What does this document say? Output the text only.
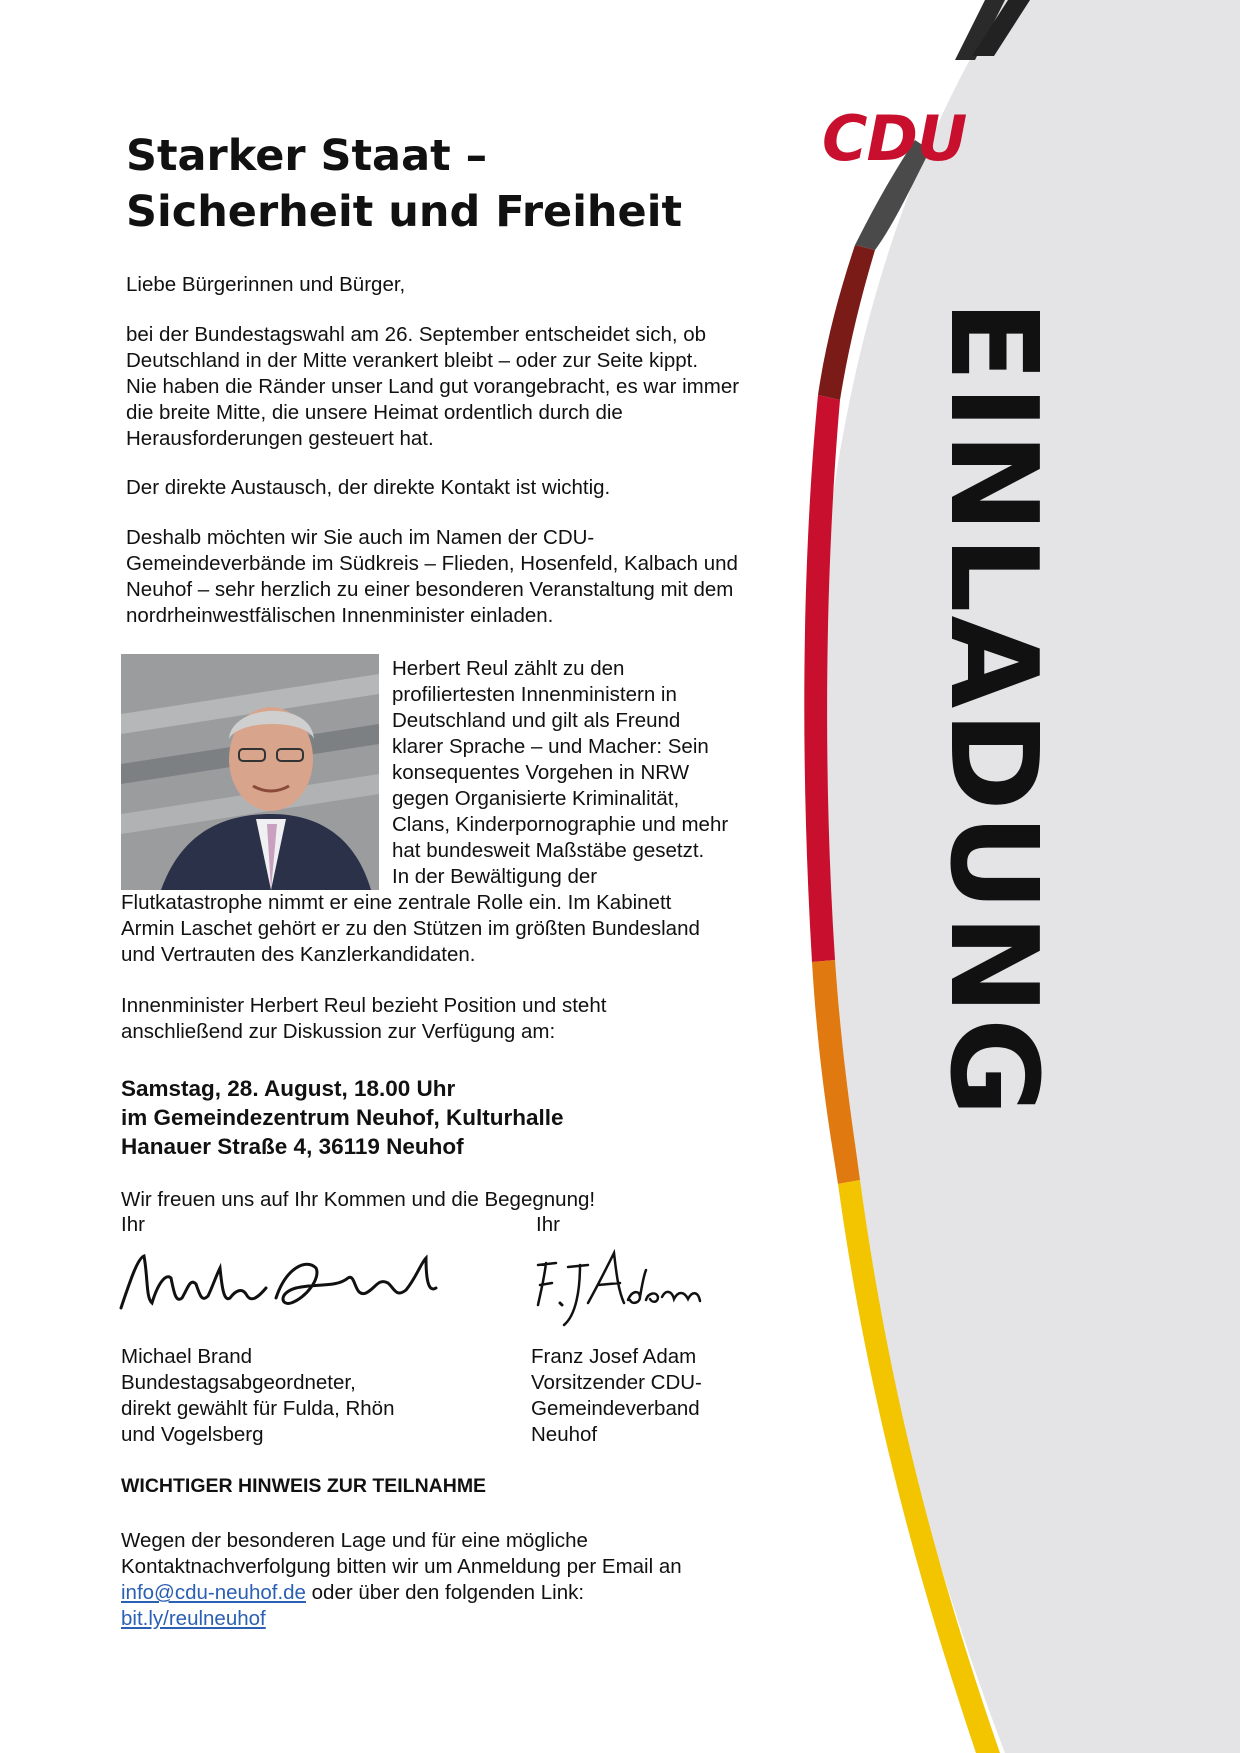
CDU
EINLADUNG
Starker Staat –
Sicherheit und Freiheit

Liebe Bürgerinnen und Bürger,

bei der Bundestagswahl am 26. September entscheidet sich, ob
Deutschland in der Mitte verankert bleibt – oder zur Seite kippt.
Nie haben die Ränder unser Land gut vorangebracht, es war immer
die breite Mitte, die unsere Heimat ordentlich durch die
Herausforderungen gesteuert hat.

Der direkte Austausch, der direkte Kontakt ist wichtig.

Deshalb möchten wir Sie auch im Namen der CDU-
Gemeindeverbände im Südkreis – Flieden, Hosenfeld, Kalbach und
Neuhof – sehr herzlich zu einer besonderen Veranstaltung mit dem
nordrheinwestfälischen Innenminister einladen.

Herbert Reul zählt zu den
profiliertesten Innenministern in
Deutschland und gilt als Freund
klarer Sprache – und Macher: Sein
konsequentes Vorgehen in NRW
gegen Organisierte Kriminalität,
Clans, Kinderpornographie und mehr
hat bundesweit Maßstäbe gesetzt.
In der Bewältigung der

Flutkatastrophe nimmt er eine zentrale Rolle ein. Im Kabinett
Armin Laschet gehört er zu den Stützen im größten Bundesland
und Vertrauten des Kanzlerkandidaten.

Innenminister Herbert Reul bezieht Position und steht
anschließend zur Diskussion zur Verfügung am:

Samstag, 28. August, 18.00 Uhr
im Gemeindezentrum Neuhof, Kulturhalle
Hanauer Straße 4, 36119 Neuhof

Wir freuen uns auf Ihr Kommen und die Begegnung!

Ihr	Ihr

Michael Brand
Bundestagsabgeordneter,
direkt gewählt für Fulda, Rhön
und Vogelsberg

Franz Josef Adam
Vorsitzender CDU-
Gemeindeverband
Neuhof

WICHTIGER HINWEIS ZUR TEILNAHME

Wegen der besonderen Lage und für eine mögliche
Kontaktnachverfolgung bitten wir um Anmeldung per Email an
info@cdu-neuhof.de oder über den folgenden Link:
bit.ly/reulneuhof
